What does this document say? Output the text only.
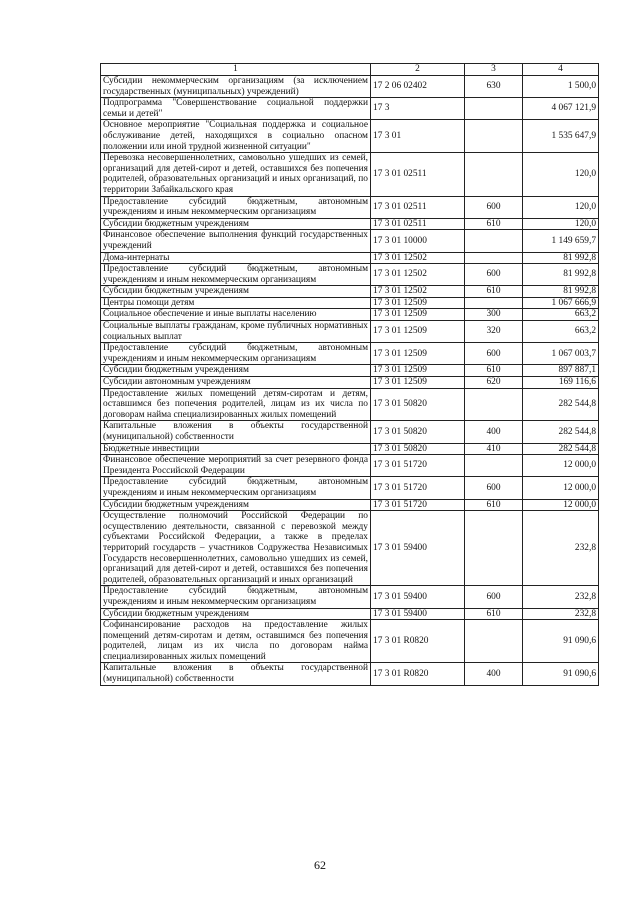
1	2	3	4
Субсидии некоммерческим организациям (за исключением государственных (муниципальных) учреждений)	17 2 06 02402	630	1 500,0
Подпрограмма "Совершенствование социальной поддержки семьи и детей"	17 3		4 067 121,9
Основное мероприятие "Социальная поддержка и социальное обслуживание детей, находящихся в социально опасном положении или иной трудной жизненной ситуации"	17 3 01		1 535 647,9
Перевозка несовершеннолетних, самовольно ушедших из семей, организаций для детей-сирот и детей, оставшихся без попечения родителей, образовательных организаций и иных организаций, по территории Забайкальского края	17 3 01 02511		120,0
Предоставление субсидий бюджетным, автономным учреждениям и иным некоммерческим организациям	17 3 01 02511	600	120,0
Субсидии бюджетным учреждениям	17 3 01 02511	610	120,0
Финансовое обеспечение выполнения функций государственных учреждений	17 3 01 10000		1 149 659,7
Дома-интернаты	17 3 01 12502		81 992,8
Предоставление субсидий бюджетным, автономным учреждениям и иным некоммерческим организациям	17 3 01 12502	600	81 992,8
Субсидии бюджетным учреждениям	17 3 01 12502	610	81 992,8
Центры помощи детям	17 3 01 12509		1 067 666,9
Социальное обеспечение и иные выплаты населению	17 3 01 12509	300	663,2
Социальные выплаты гражданам, кроме публичных нормативных социальных выплат	17 3 01 12509	320	663,2
Предоставление субсидий бюджетным, автономным учреждениям и иным некоммерческим организациям	17 3 01 12509	600	1 067 003,7
Субсидии бюджетным учреждениям	17 3 01 12509	610	897 887,1
Субсидии автономным учреждениям	17 3 01 12509	620	169 116,6
Предоставление жилых помещений детям-сиротам и детям, оставшимся без попечения родителей, лицам из их числа по договорам найма специализированных жилых помещений	17 3 01 50820		282 544,8
Капитальные вложения в объекты государственной (муниципальной) собственности	17 3 01 50820	400	282 544,8
Бюджетные инвестиции	17 3 01 50820	410	282 544,8
Финансовое обеспечение мероприятий за счет резервного фонда Президента Российской Федерации	17 3 01 51720		12 000,0
Предоставление субсидий бюджетным, автономным учреждениям и иным некоммерческим организациям	17 3 01 51720	600	12 000,0
Субсидии бюджетным учреждениям	17 3 01 51720	610	12 000,0
Осуществление полномочий Российской Федерации по осуществлению деятельности, связанной с перевозкой между субъектами Российской Федерации, а также в пределах территорий государств – участников Содружества Независимых Государств несовершеннолетних, самовольно ушедших из семей, организаций для детей-сирот и детей, оставшихся без попечения родителей, образовательных организаций и иных организаций	17 3 01 59400		232,8
Предоставление субсидий бюджетным, автономным учреждениям и иным некоммерческим организациям	17 3 01 59400	600	232,8
Субсидии бюджетным учреждениям	17 3 01 59400	610	232,8
Софинансирование расходов на предоставление жилых помещений детям-сиротам и детям, оставшимся без попечения родителей, лицам из их числа по договорам найма специализированных жилых помещений	17 3 01 R0820		91 090,6
Капитальные вложения в объекты государственной (муниципальной) собственности	17 3 01 R0820	400	91 090,6
62
